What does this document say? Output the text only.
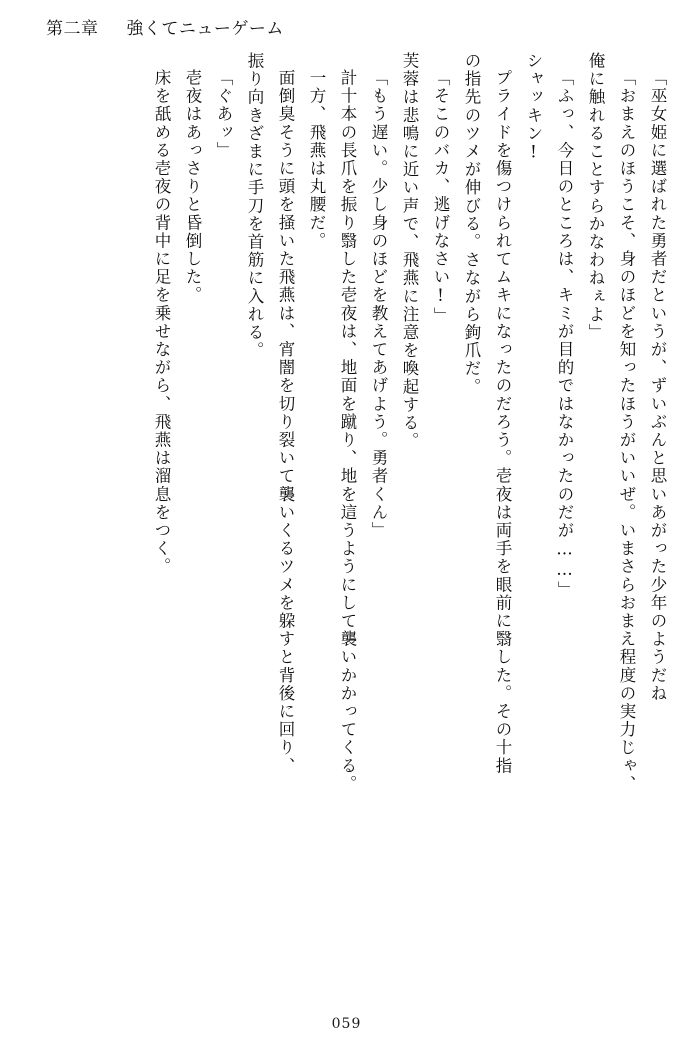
第二章 強くてニューゲーム
「巫女姫に選ばれた勇者だというが、ずいぶんと思いあがった少年のようだね
「おまえのほうこそ、身のほどを知ったほうがいいぜ。いまさらおまえ程度の実力じゃ、
俺に触れることすらかなわねぇよ」
「ふっ、今日のところは、キミが目的ではなかったのだが……」
シャッキン!
プライドを傷つけられてムキになったのだろう。壱夜は両手を眼前に翳した。その十指
の指先のツメが伸びる。さながら鉤爪だ。
「そこのバカ、逃げなさい!」
芙蓉は悲鳴に近い声で、飛燕に注意を喚起する。
「もう遅い。少し身のほどを教えてあげよう。勇者くん」
計十本の長爪を振り翳した壱夜は、地面を蹴り、地を這うようにして襲いかかってくる。
一方、飛燕は丸腰だ。
面倒臭そうに頭を掻いた飛燕は、宵闇を切り裂いて襲いくるツメを躱すと背後に回り、
振り向きざまに手刀を首筋に入れる。
「ぐあッ」
壱夜はあっさりと昏倒した。
床を舐める壱夜の背中に足を乗せながら、飛燕は溜息をつく。
059
